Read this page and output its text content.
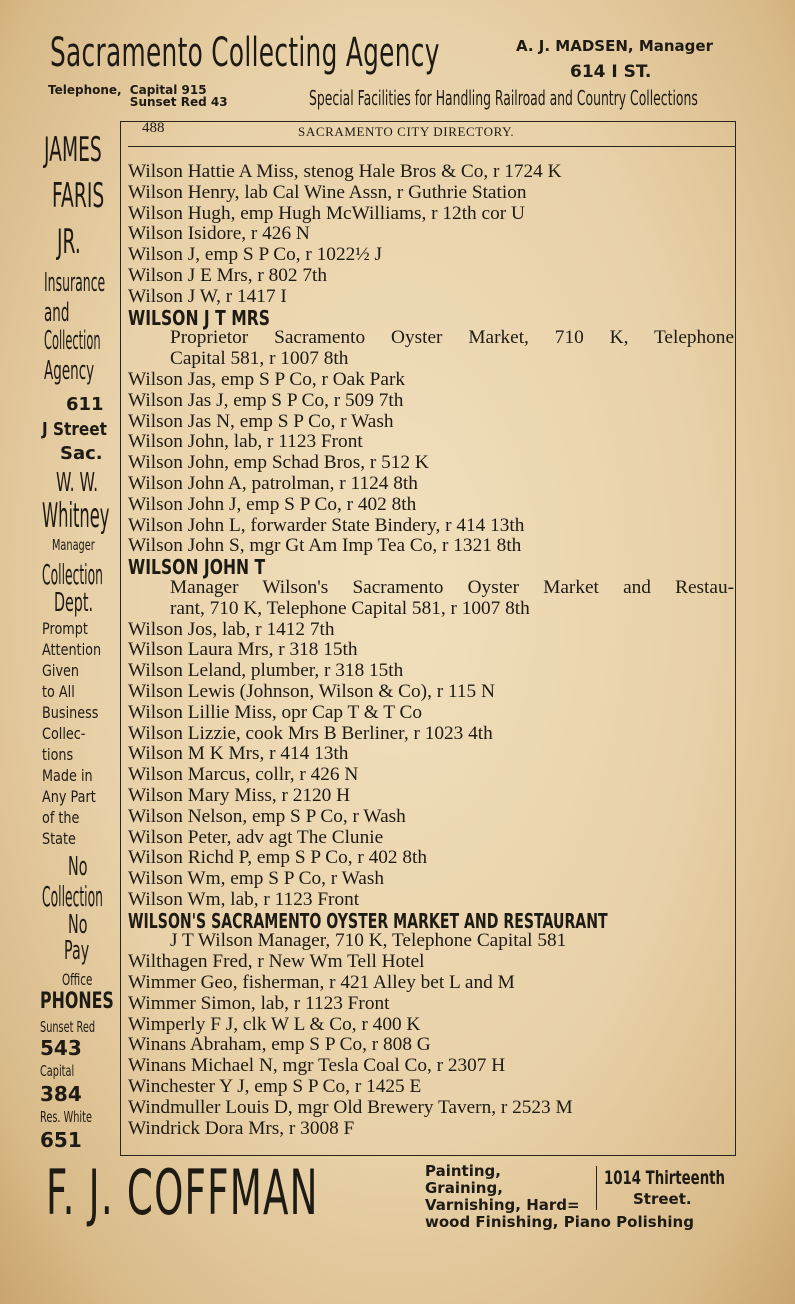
Sacramento Collecting Agency	A. J. MADSEN, Manager
614 I ST.
Telephone, Capital 915
Sunset Red 43	Special Facilities for Handling Railroad and Country Collections
488	SACRAMENTO CITY DIRECTORY.
JAMES
FARIS
JR.
Insurance
and
Collection
Agency
611
J Street
Sac.
W. W.
Whitney
Manager
Collection
Dept.
Prompt
Attention
Given
to All
Business
Collec-
tions
Made in
Any Part
of the
State
No
Collection
No
Pay
Office
PHONES
Sunset Red
543
Capital
384
Res. White
651
Wilson Hattie A Miss, stenog Hale Bros & Co, r 1724 K
Wilson Henry, lab Cal Wine Assn, r Guthrie Station
Wilson Hugh, emp Hugh McWilliams, r 12th cor U
Wilson Isidore, r 426 N
Wilson J, emp S P Co, r 1022½ J
Wilson J E Mrs, r 802 7th
Wilson J W, r 1417 I
WILSON J T MRS
Proprietor Sacramento Oyster Market, 710 K, Telephone
Capital 581, r 1007 8th
Wilson Jas, emp S P Co, r Oak Park
Wilson Jas J, emp S P Co, r 509 7th
Wilson Jas N, emp S P Co, r Wash
Wilson John, lab, r 1123 Front
Wilson John, emp Schad Bros, r 512 K
Wilson John A, patrolman, r 1124 8th
Wilson John J, emp S P Co, r 402 8th
Wilson John L, forwarder State Bindery, r 414 13th
Wilson John S, mgr Gt Am Imp Tea Co, r 1321 8th
WILSON JOHN T
Manager Wilson's Sacramento Oyster Market and Restau-
rant, 710 K, Telephone Capital 581, r 1007 8th
Wilson Jos, lab, r 1412 7th
Wilson Laura Mrs, r 318 15th
Wilson Leland, plumber, r 318 15th
Wilson Lewis (Johnson, Wilson & Co), r 115 N
Wilson Lillie Miss, opr Cap T & T Co
Wilson Lizzie, cook Mrs B Berliner, r 1023 4th
Wilson M K Mrs, r 414 13th
Wilson Marcus, collr, r 426 N
Wilson Mary Miss, r 2120 H
Wilson Nelson, emp S P Co, r Wash
Wilson Peter, adv agt The Clunie
Wilson Richd P, emp S P Co, r 402 8th
Wilson Wm, emp S P Co, r Wash
Wilson Wm, lab, r 1123 Front
WILSON'S SACRAMENTO OYSTER MARKET AND RESTAURANT
J T Wilson Manager, 710 K, Telephone Capital 581
Wilthagen Fred, r New Wm Tell Hotel
Wimmer Geo, fisherman, r 421 Alley bet L and M
Wimmer Simon, lab, r 1123 Front
Wimperly F J, clk W L & Co, r 400 K
Winans Abraham, emp S P Co, r 808 G
Winans Michael N, mgr Tesla Coal Co, r 2307 H
Winchester Y J, emp S P Co, r 1425 E
Windmuller Louis D, mgr Old Brewery Tavern, r 2523 M
Windrick Dora Mrs, r 3008 F
F. J. COFFMAN	Painting,
Graining,
Varnishing, Hard=
wood Finishing, Piano Polishing
1014 Thirteenth
Street.
